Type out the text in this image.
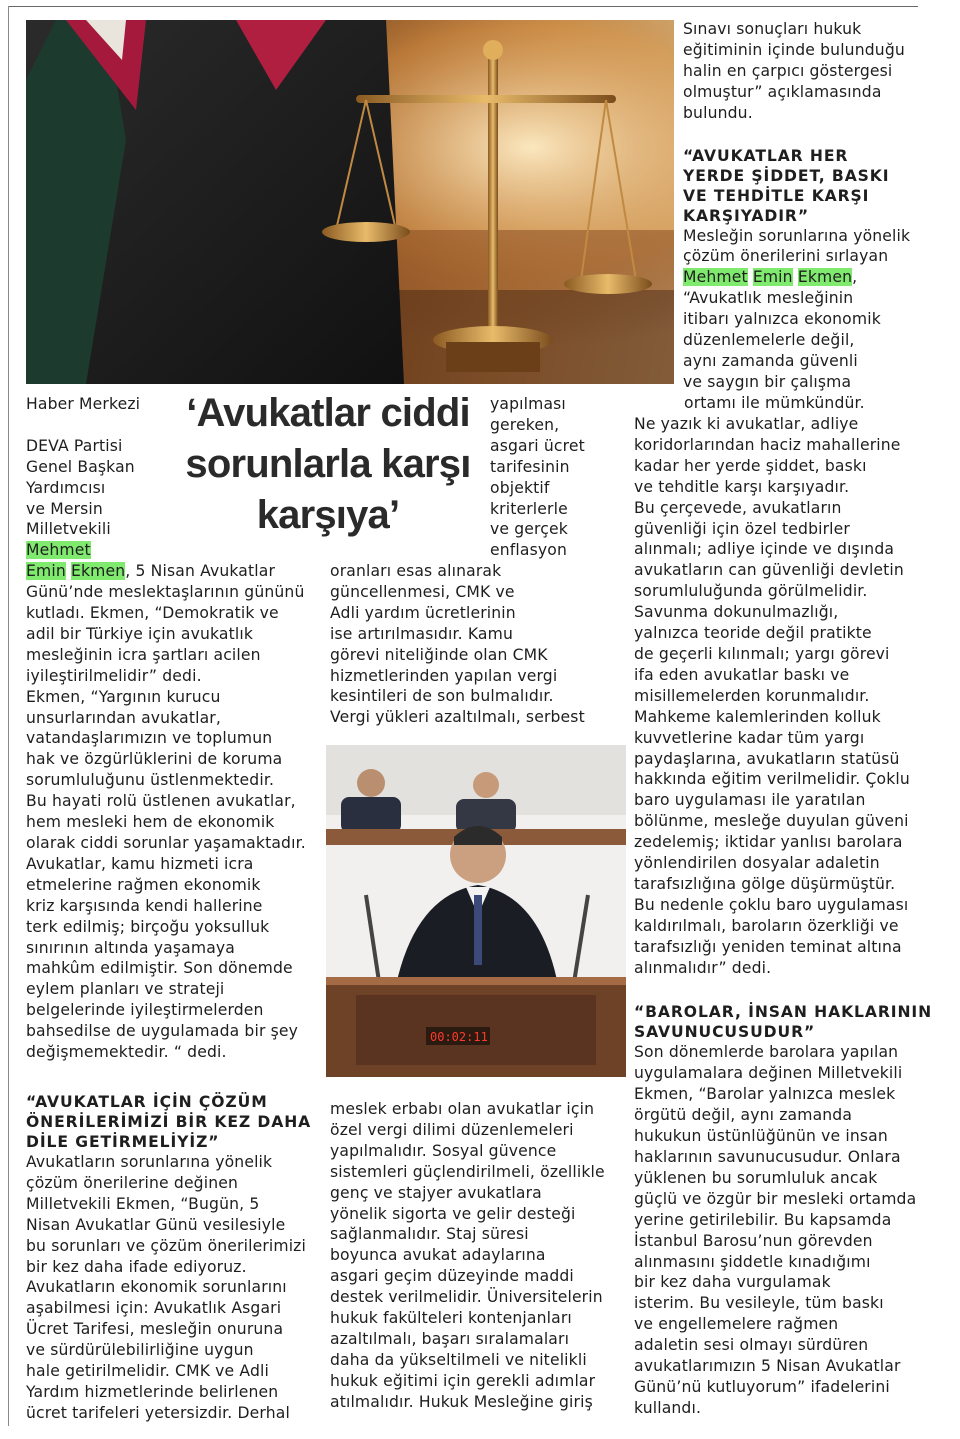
Haber Merkezi
DEVA Partisi
Genel Başkan
Yardımcısı
ve Mersin
Milletvekili
Mehmet
Emin Ekmen, 5 Nisan Avukatlar
Günü’nde meslektaşlarının gününü
kutladı. Ekmen, “Demokratik ve
adil bir Türkiye için avukatlık
mesleğinin icra şartları acilen
iyileştirilmelidir” dedi.
Ekmen, “Yargının kurucu
unsurlarından avukatlar,
vatandaşlarımızın ve toplumun
hak ve özgürlüklerini de koruma
sorumluluğunu üstlenmektedir.
Bu hayati rolü üstlenen avukatlar,
hem mesleki hem de ekonomik
olarak ciddi sorunlar yaşamaktadır.
Avukatlar, kamu hizmeti icra
etmelerine rağmen ekonomik
kriz karşısında kendi hallerine
terk edilmiş; birçoğu yoksulluk
sınırının altında yaşamaya
mahkûm edilmiştir. Son dönemde
eylem planları ve strateji
belgelerinde iyileştirmelerden
bahsedilse de uygulamada bir şey
değişmemektedir. “ dedi.
“AVUKATLAR İÇİN ÇÖZÜM
ÖNERİLERİMİZİ BİR KEZ DAHA
DİLE GETİRMELİYİZ”
Avukatların sorunlarına yönelik
çözüm önerilerine değinen
Milletvekili Ekmen, “Bugün, 5
Nisan Avukatlar Günü vesilesiyle
bu sorunları ve çözüm önerilerimizi
bir kez daha ifade ediyoruz.
Avukatların ekonomik sorunlarını
aşabilmesi için: Avukatlık Asgari
Ücret Tarifesi, mesleğin onuruna
ve sürdürülebilirliğine uygun
hale getirilmelidir. CMK ve Adli
Yardım hizmetlerinde belirlenen
ücret tarifeleri yetersizdir. Derhal
‘Avukatlar ciddi
sorunlarla karşı
karşıya’
yapılması
gereken,
asgari ücret
tarifesinin
objektif
kriterlerle
ve gerçek
enflasyon
oranları esas alınarak
güncellenmesi, CMK ve
Adli yardım ücretlerinin
ise artırılmasıdır. Kamu
görevi niteliğinde olan CMK
hizmetlerinden yapılan vergi
kesintileri de son bulmalıdır.
Vergi yükleri azaltılmalı, serbest
00:02:11
meslek erbabı olan avukatlar için
özel vergi dilimi düzenlemeleri
yapılmalıdır. Sosyal güvence
sistemleri güçlendirilmeli, özellikle
genç ve stajyer avukatlara
yönelik sigorta ve gelir desteği
sağlanmalıdır. Staj süresi
boyunca avukat adaylarına
asgari geçim düzeyinde maddi
destek verilmelidir. Üniversitelerin
hukuk fakülteleri kontenjanları
azaltılmalı, başarı sıralamaları
daha da yükseltilmeli ve nitelikli
hukuk eğitimi için gerekli adımlar
atılmalıdır. Hukuk Mesleğine giriş
Sınavı sonuçları hukuk
eğitiminin içinde bulunduğu
halin en çarpıcı göstergesi
olmuştur” açıklamasında
bulundu.
“AVUKATLAR HER
YERDE ŞİDDET, BASKI
VE TEHDİTLE KARŞI
KARŞIYADIR”
Mesleğin sorunlarına yönelik
çözüm önerilerini sırlayan
Mehmet Emin Ekmen,
“Avukatlık mesleğinin
itibarı yalnızca ekonomik
düzenlemelerle değil,
aynı zamanda güvenli
ve saygın bir çalışma
ortamı ile mümkündür.
Ne yazık ki avukatlar, adliye
koridorlarından haciz mahallerine
kadar her yerde şiddet, baskı
ve tehditle karşı karşıyadır.
Bu çerçevede, avukatların
güvenliği için özel tedbirler
alınmalı; adliye içinde ve dışında
avukatların can güvenliği devletin
sorumluluğunda görülmelidir.
Savunma dokunulmazlığı,
yalnızca teoride değil pratikte
de geçerli kılınmalı; yargı görevi
ifa eden avukatlar baskı ve
misillemelerden korunmalıdır.
Mahkeme kalemlerinden kolluk
kuvvetlerine kadar tüm yargı
paydaşlarına, avukatların statüsü
hakkında eğitim verilmelidir. Çoklu
baro uygulaması ile yaratılan
bölünme, mesleğe duyulan güveni
zedelemiş; iktidar yanlısı barolara
yönlendirilen dosyalar adaletin
tarafsızlığına gölge düşürmüştür.
Bu nedenle çoklu baro uygulaması
kaldırılmalı, baroların özerkliği ve
tarafsızlığı yeniden teminat altına
alınmalıdır” dedi.
“BAROLAR, İNSAN HAKLARININ
SAVUNUCUSUDUR”
Son dönemlerde barolara yapılan
uygulamalara değinen Milletvekili
Ekmen, “Barolar yalnızca meslek
örgütü değil, aynı zamanda
hukukun üstünlüğünün ve insan
haklarının savunucusudur. Onlara
yüklenen bu sorumluluk ancak
güçlü ve özgür bir mesleki ortamda
yerine getirilebilir. Bu kapsamda
İstanbul Barosu’nun görevden
alınmasını şiddetle kınadığımı
bir kez daha vurgulamak
isterim. Bu vesileyle, tüm baskı
ve engellemelere rağmen
adaletin sesi olmayı sürdüren
avukatlarımızın 5 Nisan Avukatlar
Günü’nü kutluyorum” ifadelerini
kullandı.
